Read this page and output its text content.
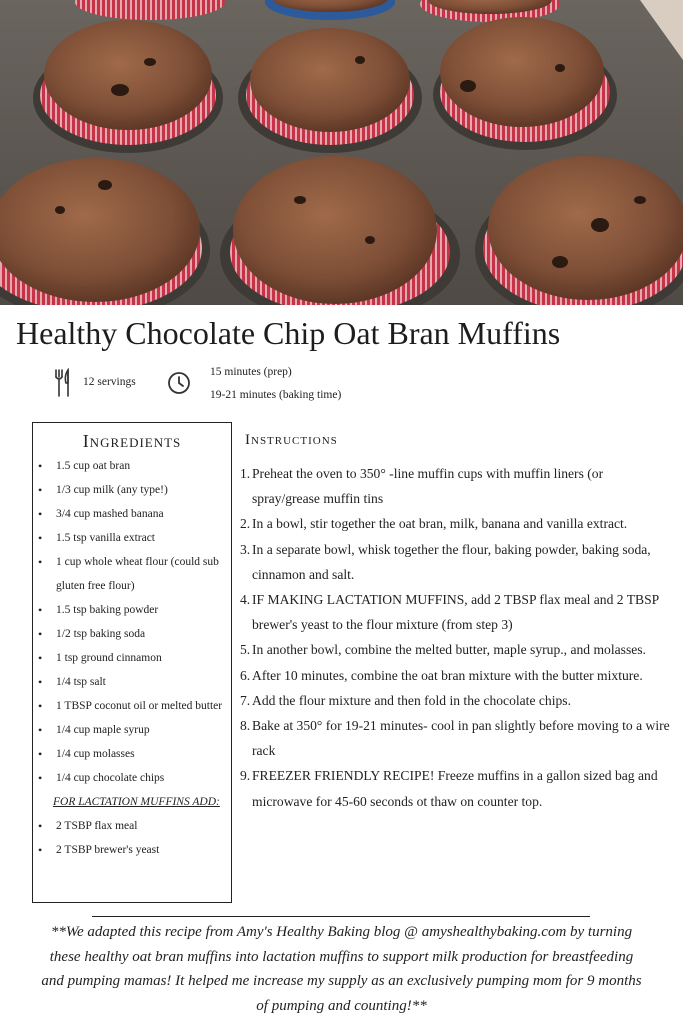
Healthy Chocolate Chip Oat Bran Muffins
12 servings
15 minutes (prep)
19-21 minutes (baking time)
Ingredients
• 1.5 cup oat bran
• 1/3 cup milk (any type!)
• 3/4 cup mashed banana
• 1.5 tsp vanilla extract
• 1 cup whole wheat flour (could sub gluten free flour)
• 1.5 tsp baking powder
• 1/2 tsp baking soda
• 1 tsp ground cinnamon
• 1/4 tsp salt
• 1 TBSP coconut oil or melted butter
• 1/4 cup maple syrup
• 1/4 cup molasses
• 1/4 cup chocolate chips
FOR LACTATION MUFFINS ADD:
• 2 TSBP flax meal
• 2 TSBP brewer's yeast
Instructions
1. Preheat the oven to 350° -line muffin cups with muffin liners (or spray/grease muffin tins
2. In a bowl, stir together the oat bran, milk, banana and vanilla extract.
3. In a separate bowl, whisk together the flour, baking powder, baking soda, cinnamon and salt.
4. IF MAKING LACTATION MUFFINS, add 2 TBSP flax meal and 2 TBSP brewer's yeast to the flour mixture (from step 3)
5. In another bowl, combine the melted butter, maple syrup., and molasses.
6. After 10 minutes, combine the oat bran mixture with the butter mixture.
7. Add the flour mixture and then fold in the chocolate chips.
8. Bake at 350° for 19-21 minutes- cool in pan slightly before moving to a wire rack
9. FREEZER FRIENDLY RECIPE! Freeze muffins in a gallon sized bag and microwave for 45-60 seconds ot thaw on counter top.
**We adapted this recipe from Amy's Healthy Baking blog @ amyshealthybaking.com by turning these healthy oat bran muffins into lactation muffins to support milk production for breastfeeding and pumping mamas! It helped me increase my supply as an exclusively pumping mom for 9 months of pumping and counting!**
